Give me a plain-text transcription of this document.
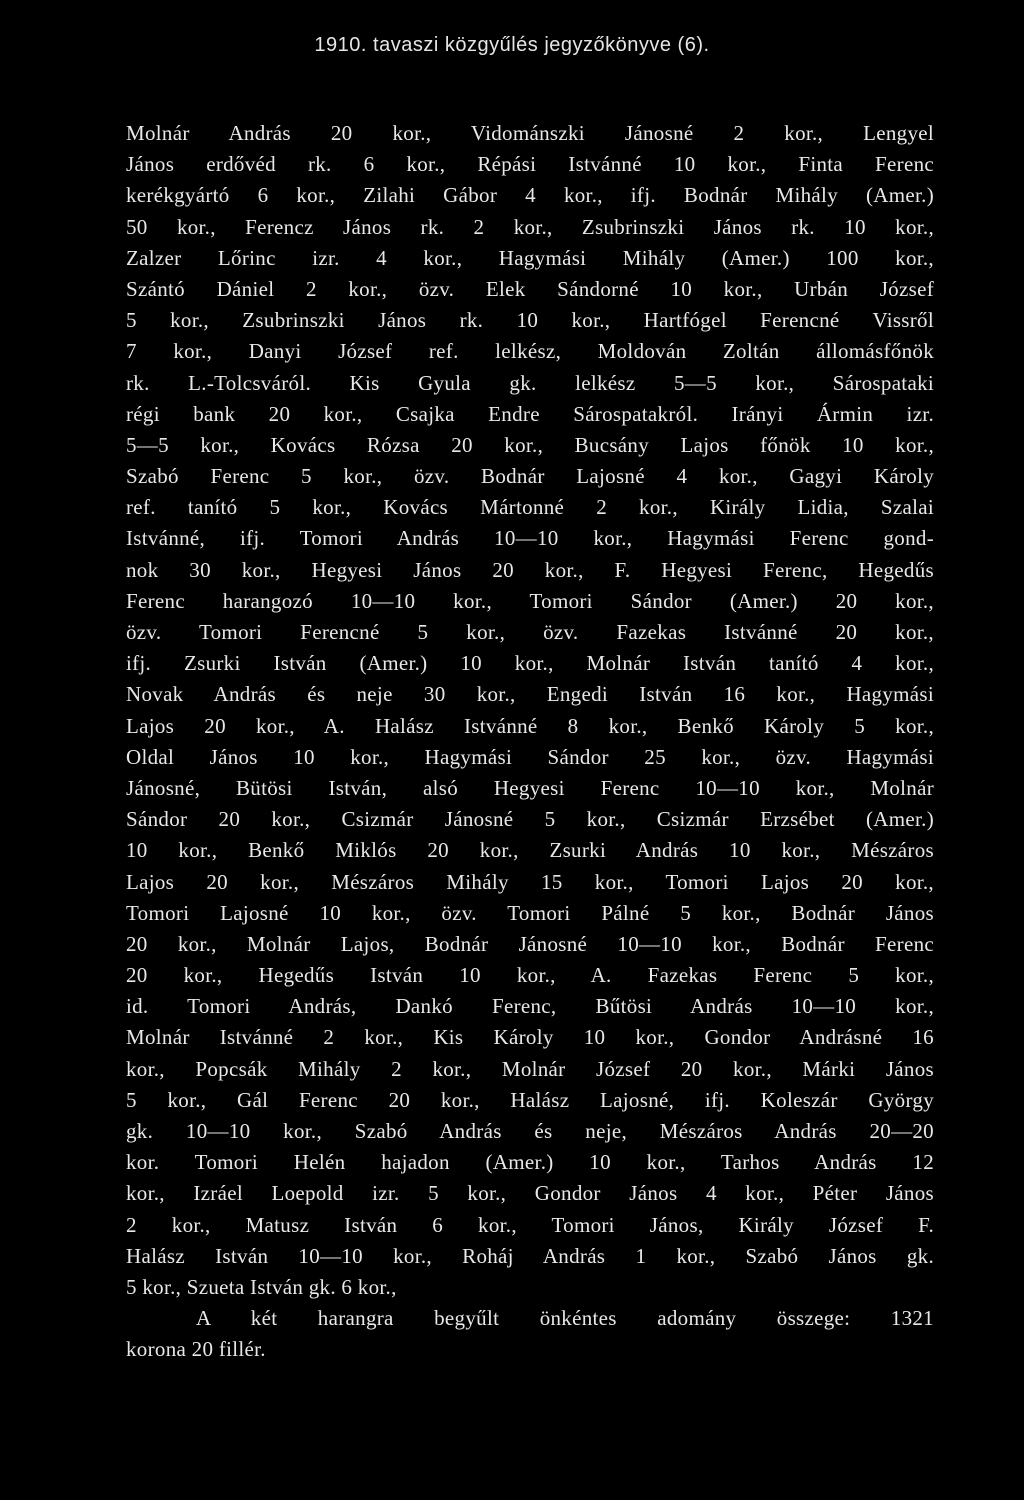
1910. tavaszi közgyűlés jegyzőkönyve (6).
Molnár András 20 kor., Vidománszki Jánosné 2 kor., Lengyel
János erdővéd rk. 6 kor., Répási Istvánné 10 kor., Finta Ferenc
kerékgyártó 6 kor., Zilahi Gábor 4 kor., ifj. Bodnár Mihály (Amer.)
50 kor., Ferencz János rk. 2 kor., Zsubrinszki János rk. 10 kor.,
Zalzer Lőrinc izr. 4 kor., Hagymási Mihály (Amer.) 100 kor.,
Szántó Dániel 2 kor., özv. Elek Sándorné 10 kor., Urbán József
5 kor., Zsubrinszki János rk. 10 kor., Hartfógel Ferencné Vissről
7 kor., Danyi József ref. lelkész, Moldován Zoltán állomásfőnök
rk. L.-Tolcsváról. Kis Gyula gk. lelkész 5—5 kor., Sárospataki
régi bank 20 kor., Csajka Endre Sárospatakról. Irányi Ármin izr.
5—5 kor., Kovács Rózsa 20 kor., Bucsány Lajos főnök 10 kor.,
Szabó Ferenc 5 kor., özv. Bodnár Lajosné 4 kor., Gagyi Károly
ref. tanító 5 kor., Kovács Mártonné 2 kor., Király Lidia, Szalai
Istvánné, ifj. Tomori András 10—10 kor., Hagymási Ferenc gond-
nok 30 kor., Hegyesi János 20 kor., F. Hegyesi Ferenc, Hegedűs
Ferenc harangozó 10—10 kor., Tomori Sándor (Amer.) 20 kor.,
özv. Tomori Ferencné 5 kor., özv. Fazekas Istvánné 20 kor.,
ifj. Zsurki István (Amer.) 10 kor., Molnár István tanító 4 kor.,
Novak András és neje 30 kor., Engedi István 16 kor., Hagymási
Lajos 20 kor., A. Halász Istvánné 8 kor., Benkő Károly 5 kor.,
Oldal János 10 kor., Hagymási Sándor 25 kor., özv. Hagymási
Jánosné, Bütösi István, alsó Hegyesi Ferenc 10—10 kor., Molnár
Sándor 20 kor., Csizmár Jánosné 5 kor., Csizmár Erzsébet (Amer.)
10 kor., Benkő Miklós 20 kor., Zsurki András 10 kor., Mészáros
Lajos 20 kor., Mészáros Mihály 15 kor., Tomori Lajos 20 kor.,
Tomori Lajosné 10 kor., özv. Tomori Pálné 5 kor., Bodnár János
20 kor., Molnár Lajos, Bodnár Jánosné 10—10 kor., Bodnár Ferenc
20 kor., Hegedűs István 10 kor., A. Fazekas Ferenc 5 kor.,
id. Tomori András, Dankó Ferenc, Bűtösi András 10—10 kor.,
Molnár Istvánné 2 kor., Kis Károly 10 kor., Gondor Andrásné 16
kor., Popcsák Mihály 2 kor., Molnár József 20 kor., Márki János
5 kor., Gál Ferenc 20 kor., Halász Lajosné, ifj. Koleszár György
gk. 10—10 kor., Szabó András és neje, Mészáros András 20—20
kor. Tomori Helén hajadon (Amer.) 10 kor., Tarhos András 12
kor., Izráel Loepold izr. 5 kor., Gondor János 4 kor., Péter János
2 kor., Matusz István 6 kor., Tomori János, Király József F.
Halász István 10—10 kor., Roháj András 1 kor., Szabó János gk.
5 kor., Szueta István gk. 6 kor.,
A két harangra begyűlt önkéntes adomány összege: 1321
korona 20 fillér.
